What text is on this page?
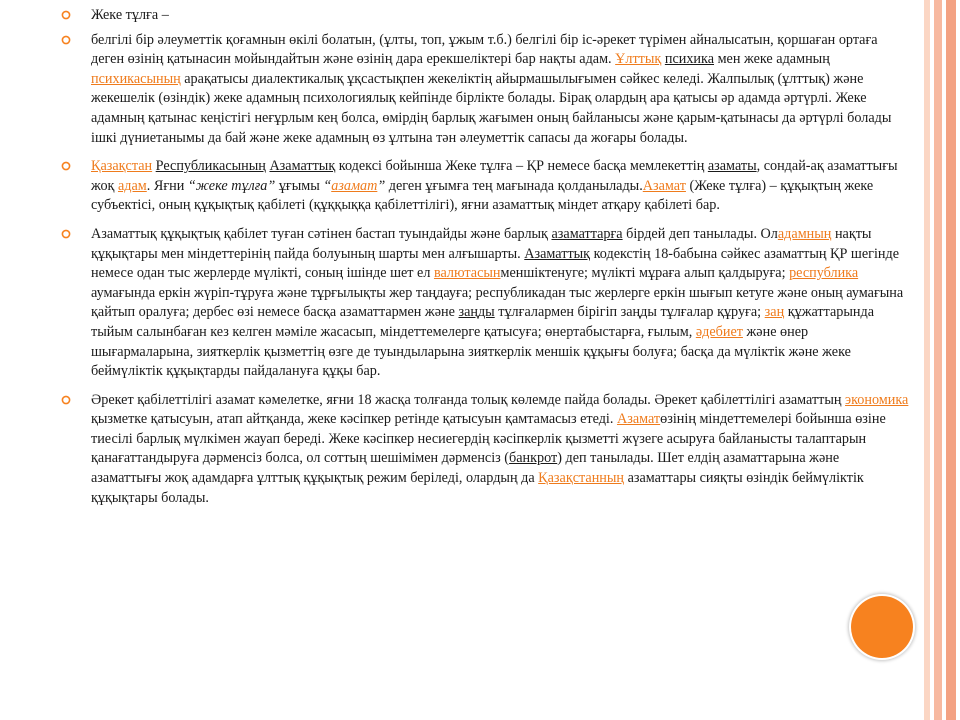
Жеке тұлға –
белгілі бір әлеуметтік қоғамнын өкілі болатын, (ұлты, топ, ұжым т.б.) белгілі бір іс-әрекет түрімен айналысатын, қоршаған ортаға деген өзінің қатынасин мойындайтын және өзінің дара ерекшеліктері бар нақты адам. Ұлттық психика мен жеке адамның психикасының арақатысы диалектикалық ұқсастықпен жекеліктің айырмашылығымен сәйкес келеді. Жалпылық (ұлттық) және жекешелік (өзіндік) жеке адамның психологиялық кейпінде бірлікте болады. Бірақ олардың ара қатысы әр адамда әртүрлі. Жеке адамның қатынас кеңістігі неғұрлым кең болса, өмірдің барлық жағымен оның байланысы және қарым-қатынасы да әртүрлі болады ішкі дүниетанымы да бай және жеке адамның өз ұлтына тән әлеуметтік сапасы да жоғары болады.
Қазақстан Республикасының Азаматтық кодексі бойынша Жеке тұлға – ҚР немесе басқа мемлекеттің азаматы, сондай-ақ азаматтығы жоқ адам. Яғни “жеке тұлға” ұғымы “азамат” деген ұғымға тең мағынада қолданылады.Азамат (Жеке тұлға) – құқықтың жеке субъектісі, оның құқықтық қабілеті (құққыққа қабілеттілігі), яғни азаматтық міндет атқару қабілеті бар.
Азаматтық құқықтық қабілет туған сәтінен бастап туындайды және барлық азаматтарға бірдей деп танылады. Оладамның нақты құқықтары мен міндеттерінің пайда болуының шарты мен алғышарты. Азаматтық кодекстің 18-бабына сәйкес азаматтың ҚР шегінде немесе одан тыс жерлерде мүлікті, соның ішінде шет ел валютасынменшіктенуге; мүлікті мұрағa алып қалдыруға; республика аумағында еркін жүріп-тұруға және тұрғылықты жер таңдауға; республикадан тыс жерлерге еркін шығып кетуге және оның аумағына қайтып оралуға; дербес өзі немесе басқа азаматтармен және заңды тұлғалармен бірігіп заңды тұлғалар құруға; заң құжаттарында тыйым салынбаған кез келген мәміле жасасып, міндеттемелерге қатысуға; өнертабыстарға, ғылым, әдебиет және өнер шығармаларына, зияткерлік қызметтің өзге де туындыларына зияткерлік меншік құқығы болуға; басқа да мүліктік және жеке беймүліктік құқықтарды пайдалануға құқы бар.
Әрекет қабілеттілігі азамат кәмелетке, яғни 18 жасқа толғанда толық көлемде пайда болады. Әрекет қабілеттілігі азаматтың экономика қызметке қатысуын, атап айтқанда, жеке кәсіпкер ретінде қатысуын қамтамасыз етеді. Азаматөзінің міндеттемелері бойынша өзіне тиесілі барлық мүлкімен жауап береді. Жеке кәсіпкер несиегердің кәсіпкерлік қызметті жүзеге асыруға байланысты талаптарын қанағаттандыруға дәрменсіз болса, ол соттың шешімімен дәрменсіз (банкрот) деп танылады. Шет елдің азаматтарына және азаматтығы жоқ адамдарға ұлттық құқықтық режим беріледі, олардың да Қазақстанның азаматтары сияқты өзіндік беймүліктік құқықтары болады.
